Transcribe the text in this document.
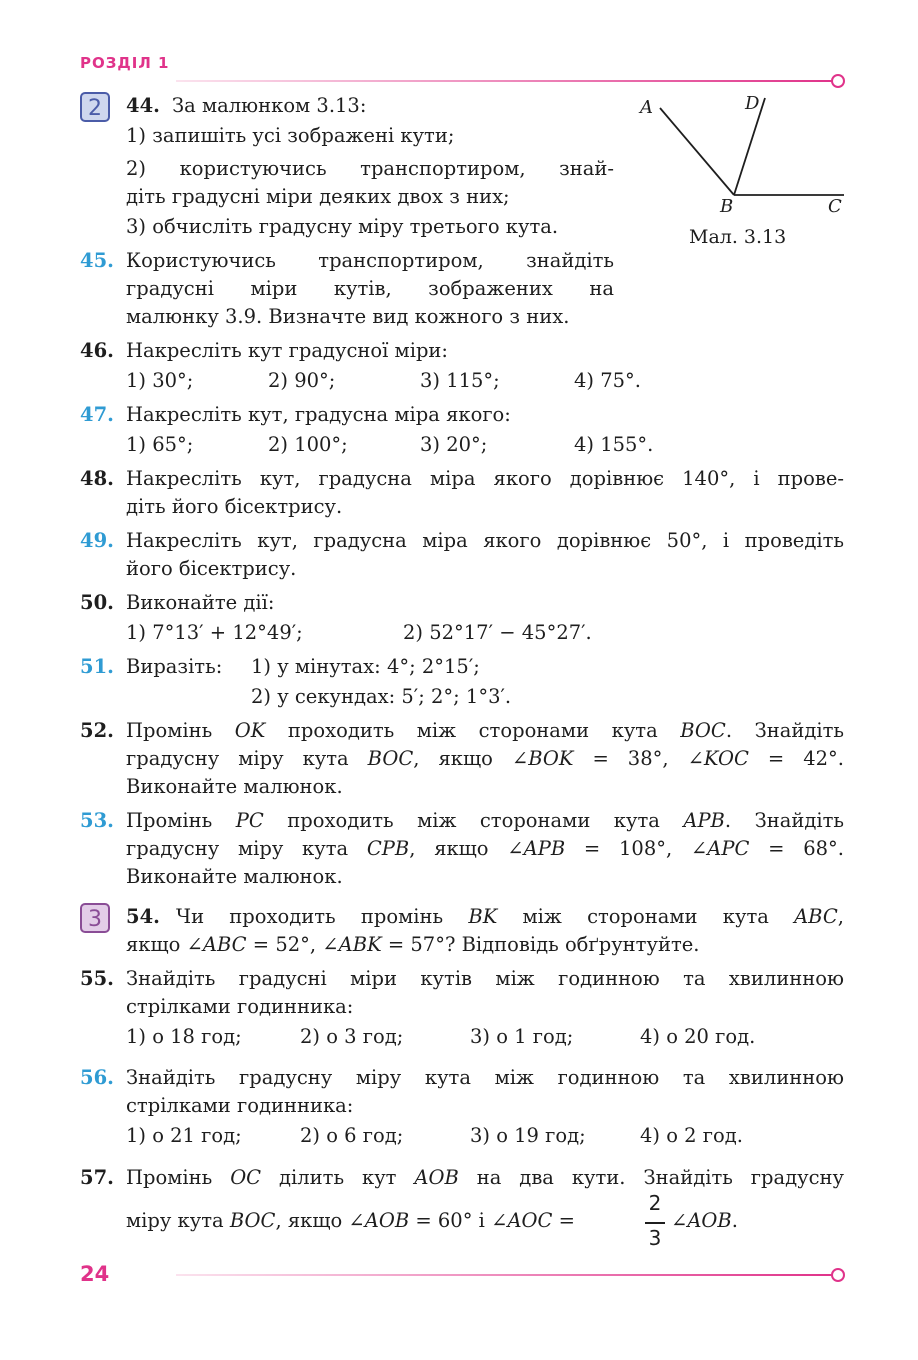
РОЗДІЛ 1
A	D
B	C
Мал. 3.13
2	44. За малюнком 3.13:
1) запишіть усі зображені кути;
2) користуючись транспортиром, знай-
діть градусні міри деяких двох з них;
3) обчисліть градусну міру третього кута.
45. Користуючись транспортиром, знайдіть
градусні міри кутів, зображених на
малюнку 3.9. Визначте вид кожного з них.
46. Накресліть кут градусної міри:
1) 30°;	2) 90°;	3) 115°;	4) 75°.
47. Накресліть кут, градусна міра якого:
1) 65°;	2) 100°;	3) 20°;	4) 155°.
48. Накресліть кут, градусна міра якого дорівнює 140°, і прове-
діть його бісектрису.
49. Накресліть кут, градусна міра якого дорівнює 50°, і проведіть
його бісектрису.
50. Виконайте дії:
1) 7°13′ + 12°49′;	2) 52°17′ − 45°27′.
51. Виразіть: 1) у мінутах: 4°; 2°15′;
2) у секундах: 5′; 2°; 1°3′.
52. Промінь OK проходить між сторонами кута BOC. Знайдіть
градусну міру кута BOC, якщо ∠BOK = 38°, ∠KOC = 42°.
Виконайте малюнок.
53. Промінь PC проходить між сторонами кута APB. Знайдіть
градусну міру кута CPB, якщо ∠APB = 108°, ∠APC = 68°.
Виконайте малюнок.
3	54. Чи проходить промінь BK між сторонами кута ABC,
якщо ∠ABC = 52°, ∠ABK = 57°? Відповідь обґрунтуйте.
55. Знайдіть градусні міри кутів між годинною та хвилинною
стрілками годинника:
1) о 18 год;	2) о 3 год;	3) о 1 год;	4) о 20 год.
56. Знайдіть градусну міру кута між годинною та хвилинною
стрілками годинника:
1) о 21 год;	2) о 6 год;	3) о 19 год;	4) о 2 год.
57. Промінь OC ділить кут AOB на два кути. Знайдіть градусну
міру кута BOC, якщо ∠AOB = 60° і ∠AOC =
2
3
∠AOB.
24
